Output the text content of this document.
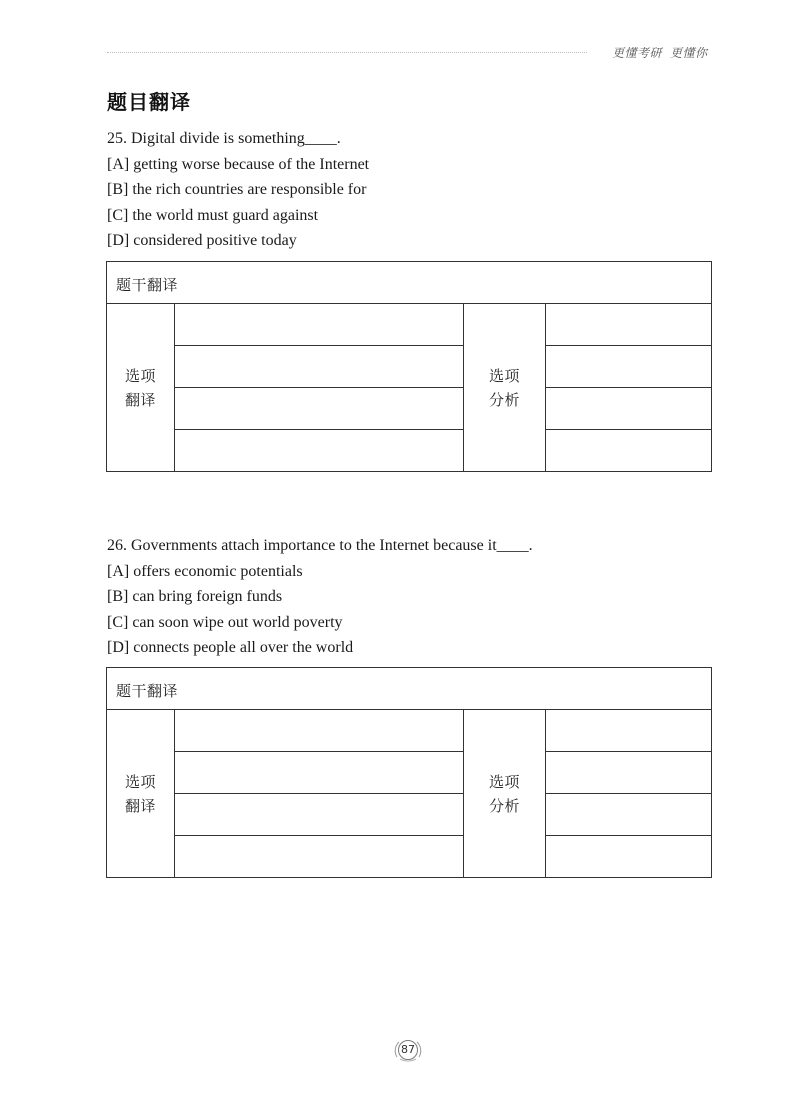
更懂考研 更懂你
题目翻译
25. Digital divide is something____.
[A] getting worse because of the Internet
[B] the rich countries are responsible for
[C] the world must guard against
[D] considered positive today
题干翻译
选项
翻译
选项
分析
26. Governments attach importance to the Internet because it____.
[A] offers economic potentials
[B] can bring foreign funds
[C] can soon wipe out world poverty
[D] connects people all over the world
题干翻译
选项
翻译
选项
分析
87
